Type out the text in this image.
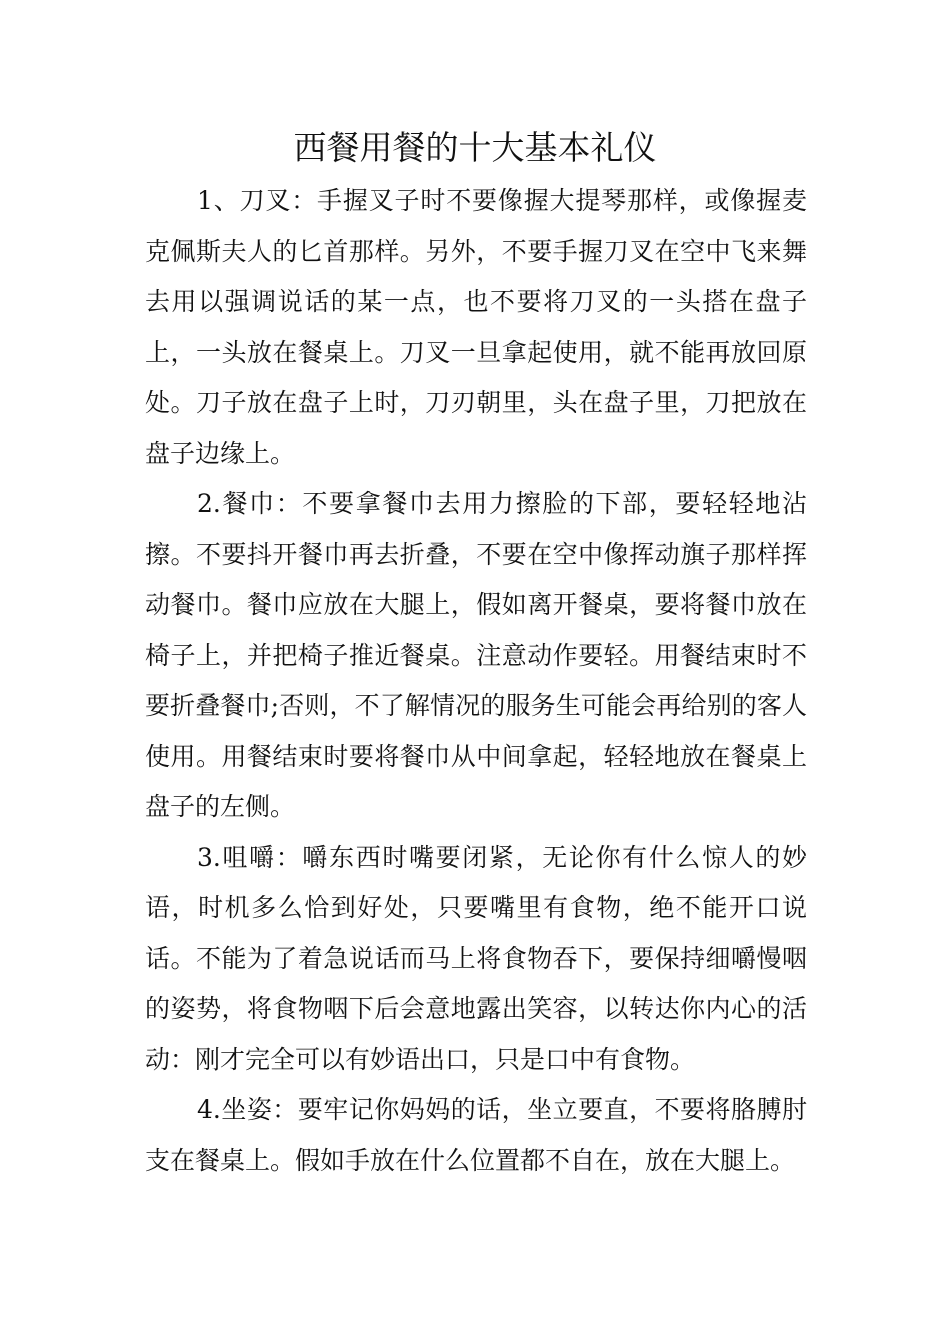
西餐用餐的十大基本礼仪

1、刀叉：手握叉子时不要像握大提琴那样，或像握麦克佩斯夫人的匕首那样。另外，不要手握刀叉在空中飞来舞去用以强调说话的某一点，也不要将刀叉的一头搭在盘子上，一头放在餐桌上。刀叉一旦拿起使用，就不能再放回原处。刀子放在盘子上时，刀刃朝里，头在盘子里，刀把放在盘子边缘上。

2.餐巾：不要拿餐巾去用力擦脸的下部，要轻轻地沾擦。不要抖开餐巾再去折叠，不要在空中像挥动旗子那样挥动餐巾。餐巾应放在大腿上，假如离开餐桌，要将餐巾放在椅子上，并把椅子推近餐桌。注意动作要轻。用餐结束时不要折叠餐巾;否则，不了解情况的服务生可能会再给别的客人使用。用餐结束时要将餐巾从中间拿起，轻轻地放在餐桌上盘子的左侧。

3.咀嚼：嚼东西时嘴要闭紧，无论你有什么惊人的妙语，时机多么恰到好处，只要嘴里有食物，绝不能开口说话。不能为了着急说话而马上将食物吞下，要保持细嚼慢咽的姿势，将食物咽下后会意地露出笑容，以转达你内心的活动：刚才完全可以有妙语出口，只是口中有食物。

4.坐姿：要牢记你妈妈的话，坐立要直，不要将胳膊肘支在餐桌上。假如手放在什么位置都不自在，放在大腿上。
